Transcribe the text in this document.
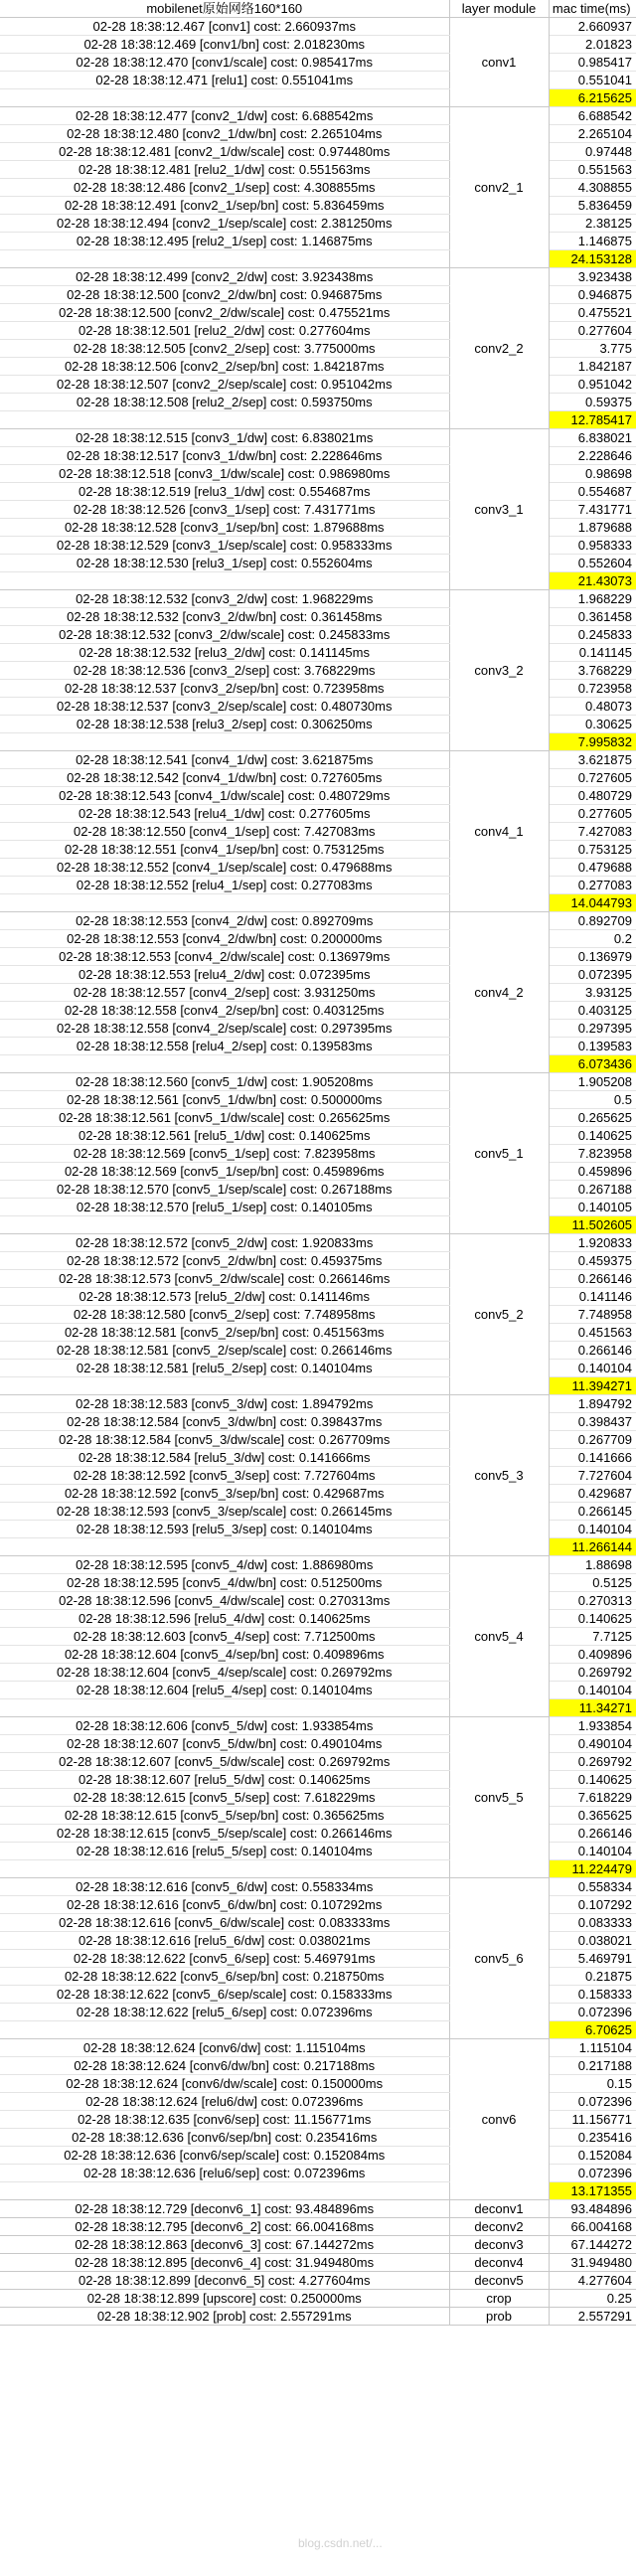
mobilenet原始网络160*160	layer module	mac time(ms)
02-28 18:38:12.467 [conv1] cost: 2.660937ms	conv1	2.660937
02-28 18:38:12.469 [conv1/bn] cost: 2.018230ms		2.01823
02-28 18:38:12.470 [conv1/scale] cost: 0.985417ms		0.985417
02-28 18:38:12.471 [relu1] cost: 0.551041ms		0.551041
		6.215625
02-28 18:38:12.477 [conv2_1/dw] cost: 6.688542ms	conv2_1	6.688542
02-28 18:38:12.480 [conv2_1/dw/bn] cost: 2.265104ms		2.265104
02-28 18:38:12.481 [conv2_1/dw/scale] cost: 0.974480ms		0.97448
02-28 18:38:12.481 [relu2_1/dw] cost: 0.551563ms		0.551563
02-28 18:38:12.486 [conv2_1/sep] cost: 4.308855ms		4.308855
02-28 18:38:12.491 [conv2_1/sep/bn] cost: 5.836459ms		5.836459
02-28 18:38:12.494 [conv2_1/sep/scale] cost: 2.381250ms		2.38125
02-28 18:38:12.495 [relu2_1/sep] cost: 1.146875ms		1.146875
		24.153128
02-28 18:38:12.499 [conv2_2/dw] cost: 3.923438ms	conv2_2	3.923438
02-28 18:38:12.500 [conv2_2/dw/bn] cost: 0.946875ms		0.946875
02-28 18:38:12.500 [conv2_2/dw/scale] cost: 0.475521ms		0.475521
02-28 18:38:12.501 [relu2_2/dw] cost: 0.277604ms		0.277604
02-28 18:38:12.505 [conv2_2/sep] cost: 3.775000ms		3.775
02-28 18:38:12.506 [conv2_2/sep/bn] cost: 1.842187ms		1.842187
02-28 18:38:12.507 [conv2_2/sep/scale] cost: 0.951042ms		0.951042
02-28 18:38:12.508 [relu2_2/sep] cost: 0.593750ms		0.59375
		12.785417
02-28 18:38:12.515 [conv3_1/dw] cost: 6.838021ms	conv3_1	6.838021
02-28 18:38:12.517 [conv3_1/dw/bn] cost: 2.228646ms		2.228646
02-28 18:38:12.518 [conv3_1/dw/scale] cost: 0.986980ms		0.98698
02-28 18:38:12.519 [relu3_1/dw] cost: 0.554687ms		0.554687
02-28 18:38:12.526 [conv3_1/sep] cost: 7.431771ms		7.431771
02-28 18:38:12.528 [conv3_1/sep/bn] cost: 1.879688ms		1.879688
02-28 18:38:12.529 [conv3_1/sep/scale] cost: 0.958333ms		0.958333
02-28 18:38:12.530 [relu3_1/sep] cost: 0.552604ms		0.552604
		21.43073
02-28 18:38:12.532 [conv3_2/dw] cost: 1.968229ms	conv3_2	1.968229
02-28 18:38:12.532 [conv3_2/dw/bn] cost: 0.361458ms		0.361458
02-28 18:38:12.532 [conv3_2/dw/scale] cost: 0.245833ms		0.245833
02-28 18:38:12.532 [relu3_2/dw] cost: 0.141145ms		0.141145
02-28 18:38:12.536 [conv3_2/sep] cost: 3.768229ms		3.768229
02-28 18:38:12.537 [conv3_2/sep/bn] cost: 0.723958ms		0.723958
02-28 18:38:12.537 [conv3_2/sep/scale] cost: 0.480730ms		0.48073
02-28 18:38:12.538 [relu3_2/sep] cost: 0.306250ms		0.30625
		7.995832
02-28 18:38:12.541 [conv4_1/dw] cost: 3.621875ms	conv4_1	3.621875
02-28 18:38:12.542 [conv4_1/dw/bn] cost: 0.727605ms		0.727605
02-28 18:38:12.543 [conv4_1/dw/scale] cost: 0.480729ms		0.480729
02-28 18:38:12.543 [relu4_1/dw] cost: 0.277605ms		0.277605
02-28 18:38:12.550 [conv4_1/sep] cost: 7.427083ms		7.427083
02-28 18:38:12.551 [conv4_1/sep/bn] cost: 0.753125ms		0.753125
02-28 18:38:12.552 [conv4_1/sep/scale] cost: 0.479688ms		0.479688
02-28 18:38:12.552 [relu4_1/sep] cost: 0.277083ms		0.277083
		14.044793
02-28 18:38:12.553 [conv4_2/dw] cost: 0.892709ms	conv4_2	0.892709
02-28 18:38:12.553 [conv4_2/dw/bn] cost: 0.200000ms		0.2
02-28 18:38:12.553 [conv4_2/dw/scale] cost: 0.136979ms		0.136979
02-28 18:38:12.553 [relu4_2/dw] cost: 0.072395ms		0.072395
02-28 18:38:12.557 [conv4_2/sep] cost: 3.931250ms		3.93125
02-28 18:38:12.558 [conv4_2/sep/bn] cost: 0.403125ms		0.403125
02-28 18:38:12.558 [conv4_2/sep/scale] cost: 0.297395ms		0.297395
02-28 18:38:12.558 [relu4_2/sep] cost: 0.139583ms		0.139583
		6.073436
02-28 18:38:12.560 [conv5_1/dw] cost: 1.905208ms	conv5_1	1.905208
02-28 18:38:12.561 [conv5_1/dw/bn] cost: 0.500000ms		0.5
02-28 18:38:12.561 [conv5_1/dw/scale] cost: 0.265625ms		0.265625
02-28 18:38:12.561 [relu5_1/dw] cost: 0.140625ms		0.140625
02-28 18:38:12.569 [conv5_1/sep] cost: 7.823958ms		7.823958
02-28 18:38:12.569 [conv5_1/sep/bn] cost: 0.459896ms		0.459896
02-28 18:38:12.570 [conv5_1/sep/scale] cost: 0.267188ms		0.267188
02-28 18:38:12.570 [relu5_1/sep] cost: 0.140105ms		0.140105
		11.502605
02-28 18:38:12.572 [conv5_2/dw] cost: 1.920833ms	conv5_2	1.920833
02-28 18:38:12.572 [conv5_2/dw/bn] cost: 0.459375ms		0.459375
02-28 18:38:12.573 [conv5_2/dw/scale] cost: 0.266146ms		0.266146
02-28 18:38:12.573 [relu5_2/dw] cost: 0.141146ms		0.141146
02-28 18:38:12.580 [conv5_2/sep] cost: 7.748958ms		7.748958
02-28 18:38:12.581 [conv5_2/sep/bn] cost: 0.451563ms		0.451563
02-28 18:38:12.581 [conv5_2/sep/scale] cost: 0.266146ms		0.266146
02-28 18:38:12.581 [relu5_2/sep] cost: 0.140104ms		0.140104
		11.394271
02-28 18:38:12.583 [conv5_3/dw] cost: 1.894792ms	conv5_3	1.894792
02-28 18:38:12.584 [conv5_3/dw/bn] cost: 0.398437ms		0.398437
02-28 18:38:12.584 [conv5_3/dw/scale] cost: 0.267709ms		0.267709
02-28 18:38:12.584 [relu5_3/dw] cost: 0.141666ms		0.141666
02-28 18:38:12.592 [conv5_3/sep] cost: 7.727604ms		7.727604
02-28 18:38:12.592 [conv5_3/sep/bn] cost: 0.429687ms		0.429687
02-28 18:38:12.593 [conv5_3/sep/scale] cost: 0.266145ms		0.266145
02-28 18:38:12.593 [relu5_3/sep] cost: 0.140104ms		0.140104
		11.266144
02-28 18:38:12.595 [conv5_4/dw] cost: 1.886980ms	conv5_4	1.88698
02-28 18:38:12.595 [conv5_4/dw/bn] cost: 0.512500ms		0.5125
02-28 18:38:12.596 [conv5_4/dw/scale] cost: 0.270313ms		0.270313
02-28 18:38:12.596 [relu5_4/dw] cost: 0.140625ms		0.140625
02-28 18:38:12.603 [conv5_4/sep] cost: 7.712500ms		7.7125
02-28 18:38:12.604 [conv5_4/sep/bn] cost: 0.409896ms		0.409896
02-28 18:38:12.604 [conv5_4/sep/scale] cost: 0.269792ms		0.269792
02-28 18:38:12.604 [relu5_4/sep] cost: 0.140104ms		0.140104
		11.34271
02-28 18:38:12.606 [conv5_5/dw] cost: 1.933854ms	conv5_5	1.933854
02-28 18:38:12.607 [conv5_5/dw/bn] cost: 0.490104ms		0.490104
02-28 18:38:12.607 [conv5_5/dw/scale] cost: 0.269792ms		0.269792
02-28 18:38:12.607 [relu5_5/dw] cost: 0.140625ms		0.140625
02-28 18:38:12.615 [conv5_5/sep] cost: 7.618229ms		7.618229
02-28 18:38:12.615 [conv5_5/sep/bn] cost: 0.365625ms		0.365625
02-28 18:38:12.615 [conv5_5/sep/scale] cost: 0.266146ms		0.266146
02-28 18:38:12.616 [relu5_5/sep] cost: 0.140104ms		0.140104
		11.224479
02-28 18:38:12.616 [conv5_6/dw] cost: 0.558334ms	conv5_6	0.558334
02-28 18:38:12.616 [conv5_6/dw/bn] cost: 0.107292ms		0.107292
02-28 18:38:12.616 [conv5_6/dw/scale] cost: 0.083333ms		0.083333
02-28 18:38:12.616 [relu5_6/dw] cost: 0.038021ms		0.038021
02-28 18:38:12.622 [conv5_6/sep] cost: 5.469791ms		5.469791
02-28 18:38:12.622 [conv5_6/sep/bn] cost: 0.218750ms		0.21875
02-28 18:38:12.622 [conv5_6/sep/scale] cost: 0.158333ms		0.158333
02-28 18:38:12.622 [relu5_6/sep] cost: 0.072396ms		0.072396
		6.70625
02-28 18:38:12.624 [conv6/dw] cost: 1.115104ms	conv6	1.115104
02-28 18:38:12.624 [conv6/dw/bn] cost: 0.217188ms		0.217188
02-28 18:38:12.624 [conv6/dw/scale] cost: 0.150000ms		0.15
02-28 18:38:12.624 [relu6/dw] cost: 0.072396ms		0.072396
02-28 18:38:12.635 [conv6/sep] cost: 11.156771ms		11.156771
02-28 18:38:12.636 [conv6/sep/bn] cost: 0.235416ms		0.235416
02-28 18:38:12.636 [conv6/sep/scale] cost: 0.152084ms		0.152084
02-28 18:38:12.636 [relu6/sep] cost: 0.072396ms		0.072396
		13.171355
02-28 18:38:12.729 [deconv6_1] cost: 93.484896ms	deconv1	93.484896
02-28 18:38:12.795 [deconv6_2] cost: 66.004168ms	deconv2	66.004168
02-28 18:38:12.863 [deconv6_3] cost: 67.144272ms	deconv3	67.144272
02-28 18:38:12.895 [deconv6_4] cost: 31.949480ms	deconv4	31.949480
02-28 18:38:12.899 [deconv6_5] cost: 4.277604ms	deconv5	4.277604
02-28 18:38:12.899 [upscore] cost: 0.250000ms	crop	0.25
02-28 18:38:12.902 [prob] cost: 2.557291ms	prob	2.557291
blog.csdn.net/...
